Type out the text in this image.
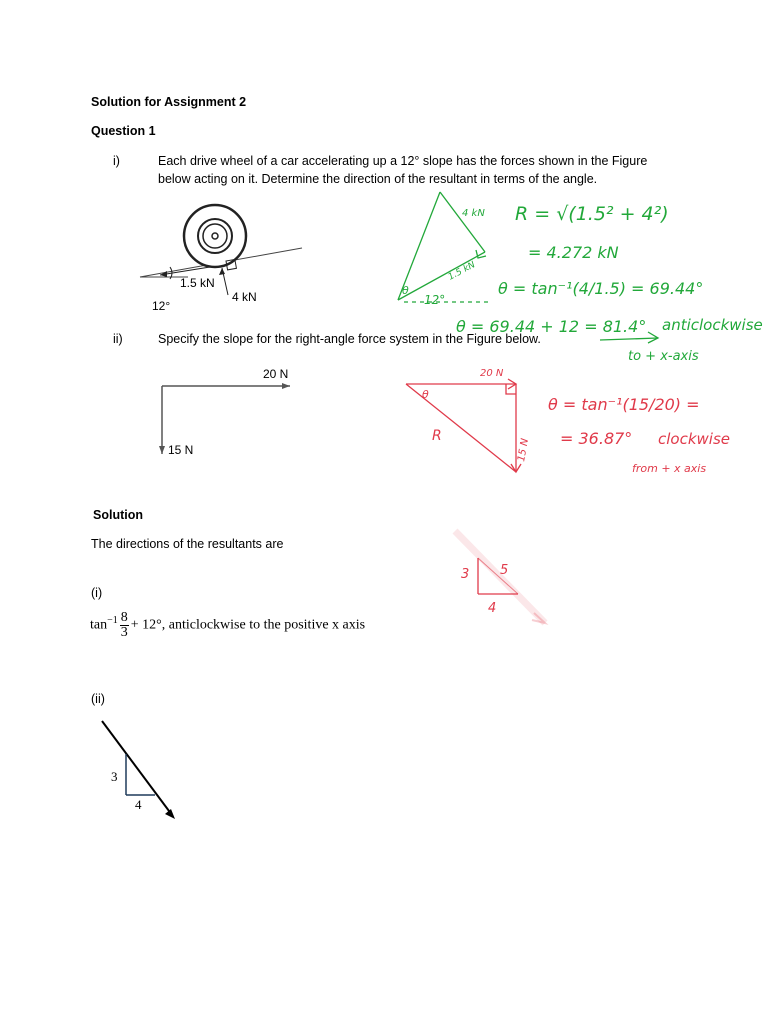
Solution for Assignment 2
Question 1
i)	Each drive wheel of a car accelerating up a 12° slope has the forces shown in the Figure
below acting on it. Determine the direction of the resultant in terms of the angle.
ii)	Specify the slope for the right-angle force system in the Figure below.
1.5 kN
4 kN
12°
4 kN
1.5 kN
12°
θ
R = √(1.5² + 4²)
= 4.272 kN
θ = tan⁻¹(4/1.5) = 69.44°
θ = 69.44 + 12 = 81.4° anticlockwise
to + x-axis
20 N
15 N
20 N
15 N
R
θ
θ = tan⁻¹(15/20) =
= 36.87° clockwise
from + x axis
Solution
The directions of the resultants are
(i)
$\tan^{-1} \frac{8}{3} + 12^\circ$, anticlockwise to the positive x axis
3
4
5
(ii)
3
4
